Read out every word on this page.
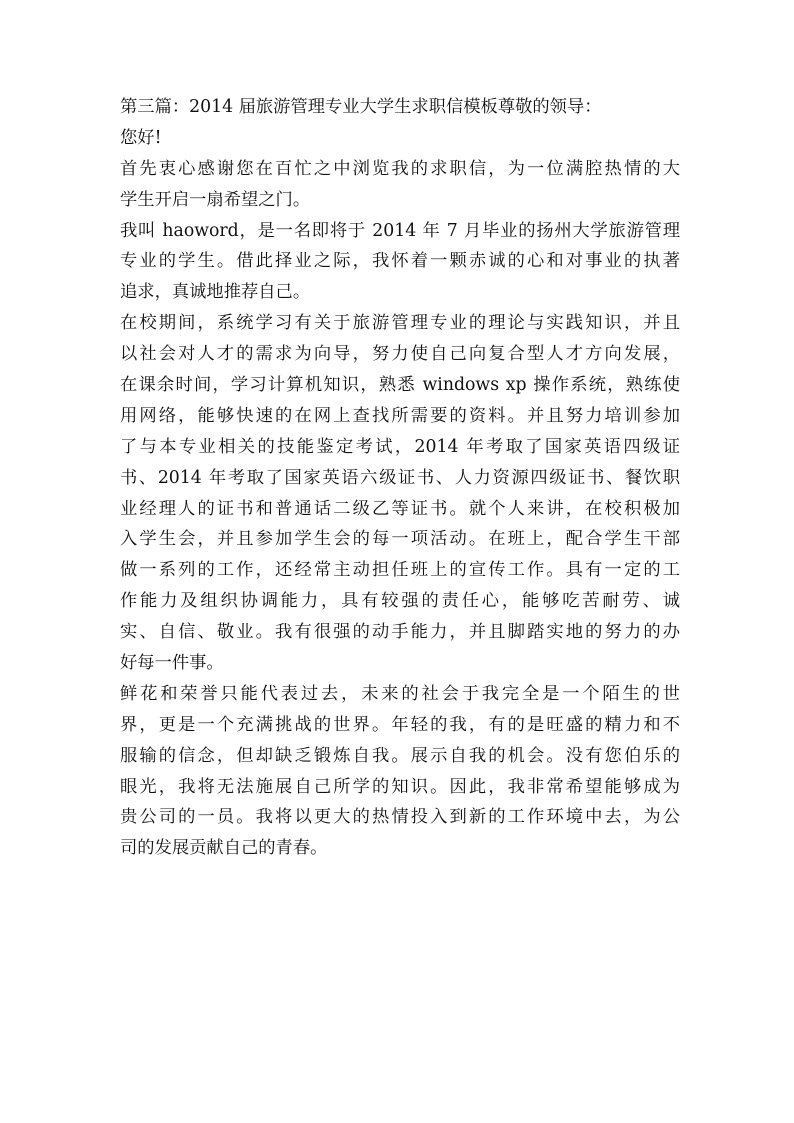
第三篇：2014 届旅游管理专业大学生求职信模板尊敬的领导：
您好!
首先衷心感谢您在百忙之中浏览我的求职信，为一位满腔热情的大
学生开启一扇希望之门。
我叫 haoword，是一名即将于 2014 年 7 月毕业的扬州大学旅游管理
专业的学生。借此择业之际，我怀着一颗赤诚的心和对事业的执著
追求，真诚地推荐自己。
在校期间，系统学习有关于旅游管理专业的理论与实践知识，并且
以社会对人才的需求为向导，努力使自己向复合型人才方向发展，
在课余时间，学习计算机知识，熟悉 windows xp 操作系统，熟练使
用网络，能够快速的在网上查找所需要的资料。并且努力培训参加
了与本专业相关的技能鉴定考试，2014 年考取了国家英语四级证
书、2014 年考取了国家英语六级证书、人力资源四级证书、餐饮职
业经理人的证书和普通话二级乙等证书。就个人来讲，在校积极加
入学生会，并且参加学生会的每一项活动。在班上，配合学生干部
做一系列的工作，还经常主动担任班上的宣传工作。具有一定的工
作能力及组织协调能力，具有较强的责任心，能够吃苦耐劳、诚
实、自信、敬业。我有很强的动手能力，并且脚踏实地的努力的办
好每一件事。
鲜花和荣誉只能代表过去，未来的社会于我完全是一个陌生的世
界，更是一个充满挑战的世界。年轻的我，有的是旺盛的精力和不
服输的信念，但却缺乏锻炼自我。展示自我的机会。没有您伯乐的
眼光，我将无法施展自己所学的知识。因此，我非常希望能够成为
贵公司的一员。我将以更大的热情投入到新的工作环境中去，为公
司的发展贡献自己的青春。
